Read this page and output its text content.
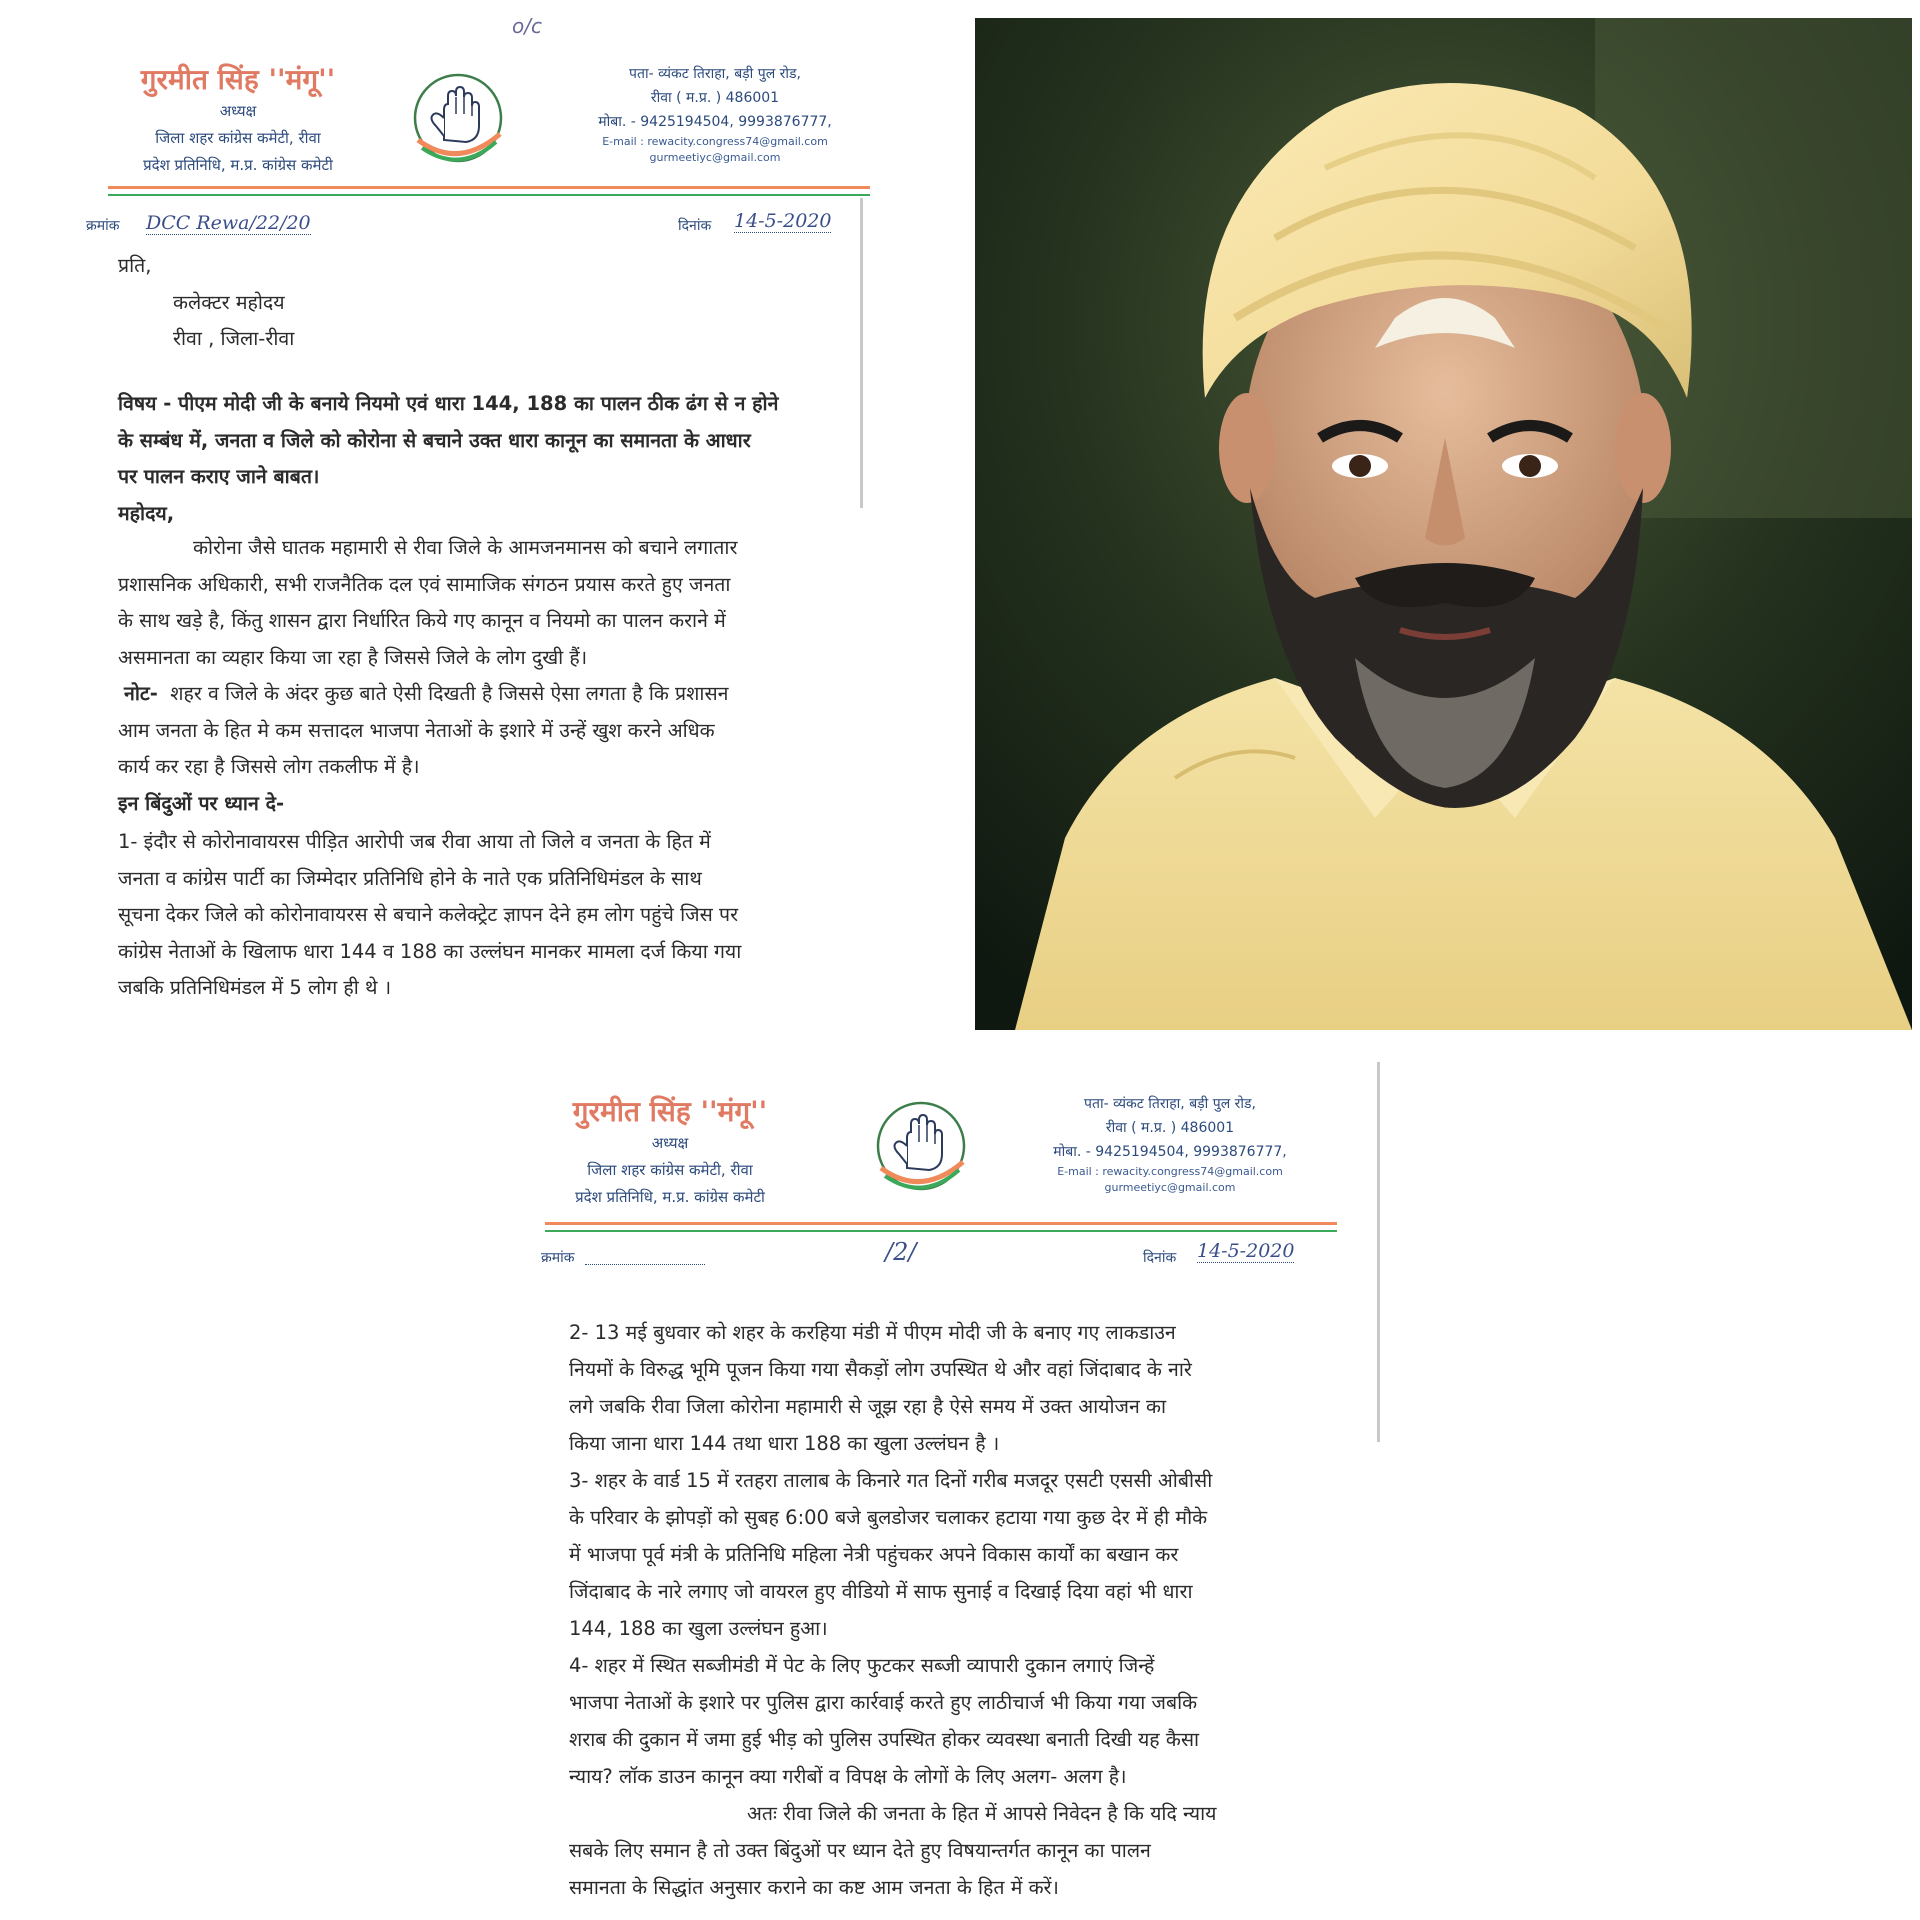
o/c
गुरमीत सिंह ''मंगू''
अध्यक्ष
जिला शहर कांग्रेस कमेटी, रीवा
प्रदेश प्रतिनिधि, म.प्र. कांग्रेस कमेटी
पता- व्यंकट तिराहा, बड़ी पुल रोड,
रीवा ( म.प्र. ) 486001
मोबा. - 9425194504, 9993876777,
E-mail : rewacity.congress74@gmail.com
gurmeetiyc@gmail.com
क्रमांक DCC Rewa/22/20	दिनांक 14-5-2020

प्रति,

कलेक्टर महोदय

रीवा , जिला-रीवा

विषय - पीएम मोदी जी के बनाये नियमो एवं धारा 144, 188 का पालन ठीक ढंग से न होने

के सम्बंध में, जनता व जिले को कोरोना से बचाने उक्त धारा कानून का समानता के आधार

पर पालन कराए जाने बाबत।

महोदय,

कोरोना जैसे घातक महामारी से रीवा जिले के आमजनमानस को बचाने लगातार

प्रशासनिक अधिकारी, सभी राजनैतिक दल एवं सामाजिक संगठन प्रयास करते हुए जनता

के साथ खड़े है, किंतु शासन द्वारा निर्धारित किये गए कानून व नियमो का पालन कराने में

असमानता का व्यहार किया जा रहा है जिससे जिले के लोग दुखी हैं।

नोट- शहर व जिले के अंदर कुछ बाते ऐसी दिखती है जिससे ऐसा लगता है कि प्रशासन

आम जनता के हित मे कम सत्तादल भाजपा नेताओं के इशारे में उन्हें खुश करने अधिक

कार्य कर रहा है जिससे लोग तकलीफ में है।

इन बिंदुओं पर ध्यान दे-

1- इंदौर से कोरोनावायरस पीड़ित आरोपी जब रीवा आया तो जिले व जनता के हित में

जनता व कांग्रेस पार्टी का जिम्मेदार प्रतिनिधि होने के नाते एक प्रतिनिधिमंडल के साथ

सूचना देकर जिले को कोरोनावायरस से बचाने कलेक्ट्रेट ज्ञापन देने हम लोग पहुंचे जिस पर

कांग्रेस नेताओं के खिलाफ धारा 144 व 188 का उल्लंघन मानकर मामला दर्ज किया गया

जबकि प्रतिनिधिमंडल में 5 लोग ही थे ।

गुरमीत सिंह ''मंगू''
अध्यक्ष
जिला शहर कांग्रेस कमेटी, रीवा
प्रदेश प्रतिनिधि, म.प्र. कांग्रेस कमेटी
पता- व्यंकट तिराहा, बड़ी पुल रोड,
रीवा ( म.प्र. ) 486001
मोबा. - 9425194504, 9993876777,
E-mail : rewacity.congress74@gmail.com
gurmeetiyc@gmail.com
क्रमांक	/2/	दिनांक 14-5-2020

2- 13 मई बुधवार को शहर के करहिया मंडी में पीएम मोदी जी के बनाए गए लाकडाउन

नियमों के विरुद्ध भूमि पूजन किया गया सैकड़ों लोग उपस्थित थे और वहां जिंदाबाद के नारे

लगे जबकि रीवा जिला कोरोना महामारी से जूझ रहा है ऐसे समय में उक्त आयोजन का

किया जाना धारा 144 तथा धारा 188 का खुला उल्लंघन है ।

3- शहर के वार्ड 15 में रतहरा तालाब के किनारे गत दिनों गरीब मजदूर एसटी एससी ओबीसी

के परिवार के झोपड़ों को सुबह 6:00 बजे बुलडोजर चलाकर हटाया गया कुछ देर में ही मौके

में भाजपा पूर्व मंत्री के प्रतिनिधि महिला नेत्री पहुंचकर अपने विकास कार्यों का बखान कर

जिंदाबाद के नारे लगाए जो वायरल हुए वीडियो में साफ सुनाई व दिखाई दिया वहां भी धारा

144, 188 का खुला उल्लंघन हुआ।

4- शहर में स्थित सब्जीमंडी में पेट के लिए फुटकर सब्जी व्यापारी दुकान लगाएं जिन्हें

भाजपा नेताओं के इशारे पर पुलिस द्वारा कार्रवाई करते हुए लाठीचार्ज भी किया गया जबकि

शराब की दुकान में जमा हुई भीड़ को पुलिस उपस्थित होकर व्यवस्था बनाती दिखी यह कैसा

न्याय? लॉक डाउन कानून क्या गरीबों व विपक्ष के लोगों के लिए अलग- अलग है।

अतः रीवा जिले की जनता के हित में आपसे निवेदन है कि यदि न्याय

सबके लिए समान है तो उक्त बिंदुओं पर ध्यान देते हुए विषयान्तर्गत कानून का पालन

समानता के सिद्धांत अनुसार कराने का कष्ट आम जनता के हित में करें।
